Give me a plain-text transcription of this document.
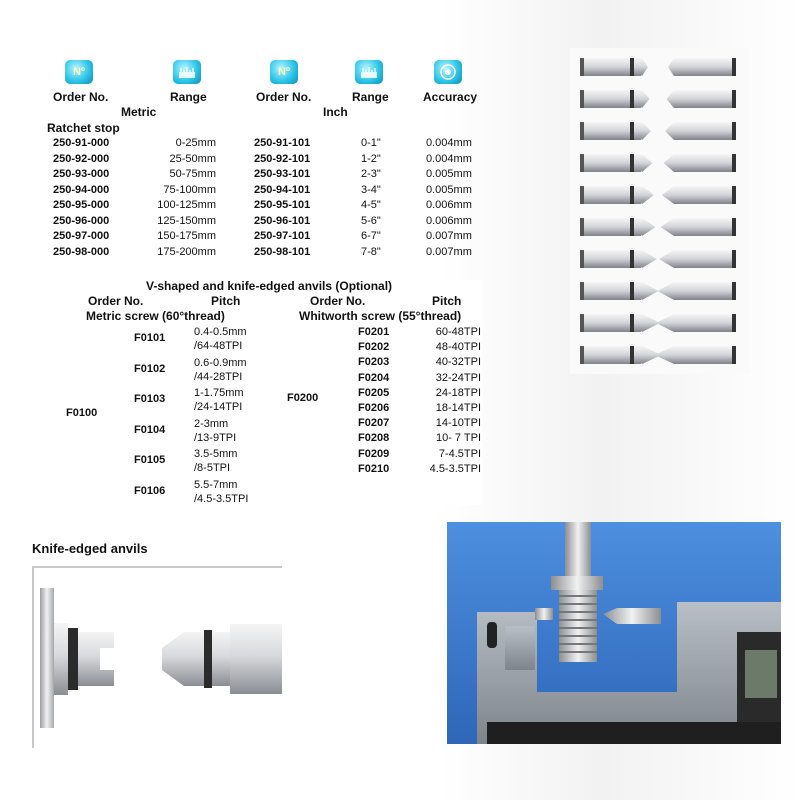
Nº	Nº
Order No.	Range	Order No.	Range	Accuracy
Metric	Inch
Ratchet stop
250-91-000	0-25mm	250-91-101	0-1"	0.004mm
250-92-000	25-50mm	250-92-101	1-2"	0.004mm
250-93-000	50-75mm	250-93-101	2-3"	0.005mm
250-94-000	75-100mm	250-94-101	3-4"	0.005mm
250-95-000	100-125mm	250-95-101	4-5"	0.006mm
250-96-000	125-150mm	250-96-101	5-6"	0.006mm
250-97-000	150-175mm	250-97-101	6-7"	0.007mm
250-98-000	175-200mm	250-98-101	7-8"	0.007mm
V-shaped and knife-edged anvils (Optional)
Order No.	Pitch
Metric screw (60°thread)
Order No.	Pitch
Whitworth screw (55°thread)
F0100
F0200
F0101	0.4-0.5mm
/64-48TPI
F0102	0.6-0.9mm
/44-28TPI
F0103	1-1.75mm
/24-14TPI
F0104	2-3mm
/13-9TPI
F0105	3.5-5mm
/8-5TPI
F0106	5.5-7mm
/4.5-3.5TPI
F0201	60-48TPI
F0202	48-40TPI
F0203	40-32TPI
F0204	32-24TPI
F0205	24-18TPI
F0206	18-14TPI
F0207	14-10TPI
F0208	10- 7 TPI
F0209	7-4.5TPI
F0210	4.5-3.5TPI
Knife-edged anvils
